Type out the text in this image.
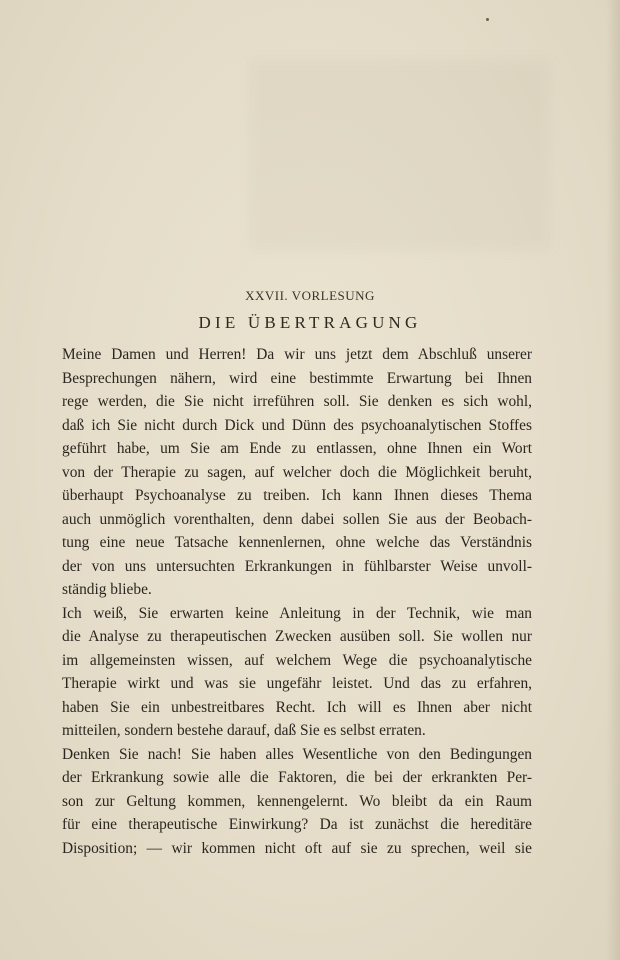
XXVII. VORLESUNG
DIE ÜBERTRAGUNG
Meine Damen und Herren! Da wir uns jetzt dem Abschluß unserer
Besprechungen nähern, wird eine bestimmte Erwartung bei Ihnen
rege werden, die Sie nicht irreführen soll. Sie denken es sich wohl,
daß ich Sie nicht durch Dick und Dünn des psychoanalytischen Stoffes
geführt habe, um Sie am Ende zu entlassen, ohne Ihnen ein Wort
von der Therapie zu sagen, auf welcher doch die Möglichkeit beruht,
überhaupt Psychoanalyse zu treiben. Ich kann Ihnen dieses Thema
auch unmöglich vorenthalten, denn dabei sollen Sie aus der Beobach-
tung eine neue Tatsache kennenlernen, ohne welche das Verständnis
der von uns untersuchten Erkrankungen in fühlbarster Weise unvoll-
ständig bliebe.
Ich weiß, Sie erwarten keine Anleitung in der Technik, wie man
die Analyse zu therapeutischen Zwecken ausüben soll. Sie wollen nur
im allgemeinsten wissen, auf welchem Wege die psychoanalytische
Therapie wirkt und was sie ungefähr leistet. Und das zu erfahren,
haben Sie ein unbestreitbares Recht. Ich will es Ihnen aber nicht
mitteilen, sondern bestehe darauf, daß Sie es selbst erraten.
Denken Sie nach! Sie haben alles Wesentliche von den Bedingungen
der Erkrankung sowie alle die Faktoren, die bei der erkrankten Per-
son zur Geltung kommen, kennengelernt. Wo bleibt da ein Raum
für eine therapeutische Einwirkung? Da ist zunächst die hereditäre
Disposition; — wir kommen nicht oft auf sie zu sprechen, weil sie
